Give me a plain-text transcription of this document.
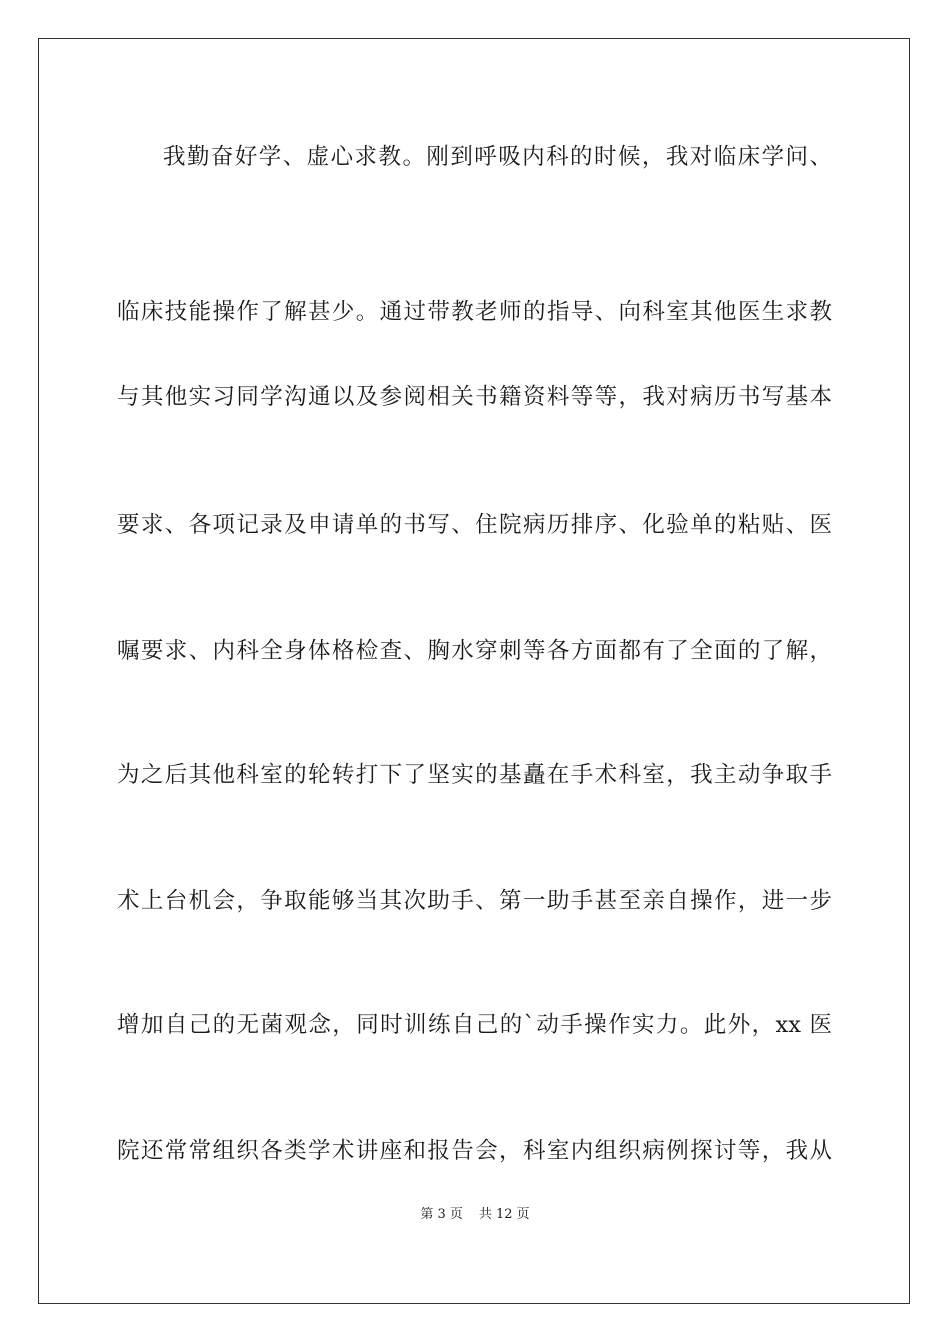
我勤奋好学、虚心求教。刚到呼吸内科的时候，我对临床学问、
临床技能操作了解甚少。通过带教老师的指导、向科室其他医生求教
与其他实习同学沟通以及参阅相关书籍资料等等，我对病历书写基本
要求、各项记录及申请单的书写、住院病历排序、化验单的粘贴、医
嘱要求、内科全身体格检查、胸水穿刺等各方面都有了全面的了解，
为之后其他科室的轮转打下了坚实的基矗在手术科室，我主动争取手
术上台机会，争取能够当其次助手、第一助手甚至亲自操作，进一步
增加自己的无菌观念，同时训练自己的`动手操作实力。此外，xx 医
院还常常组织各类学术讲座和报告会，科室内组织病例探讨等，我从
第 3 页 共 12 页
